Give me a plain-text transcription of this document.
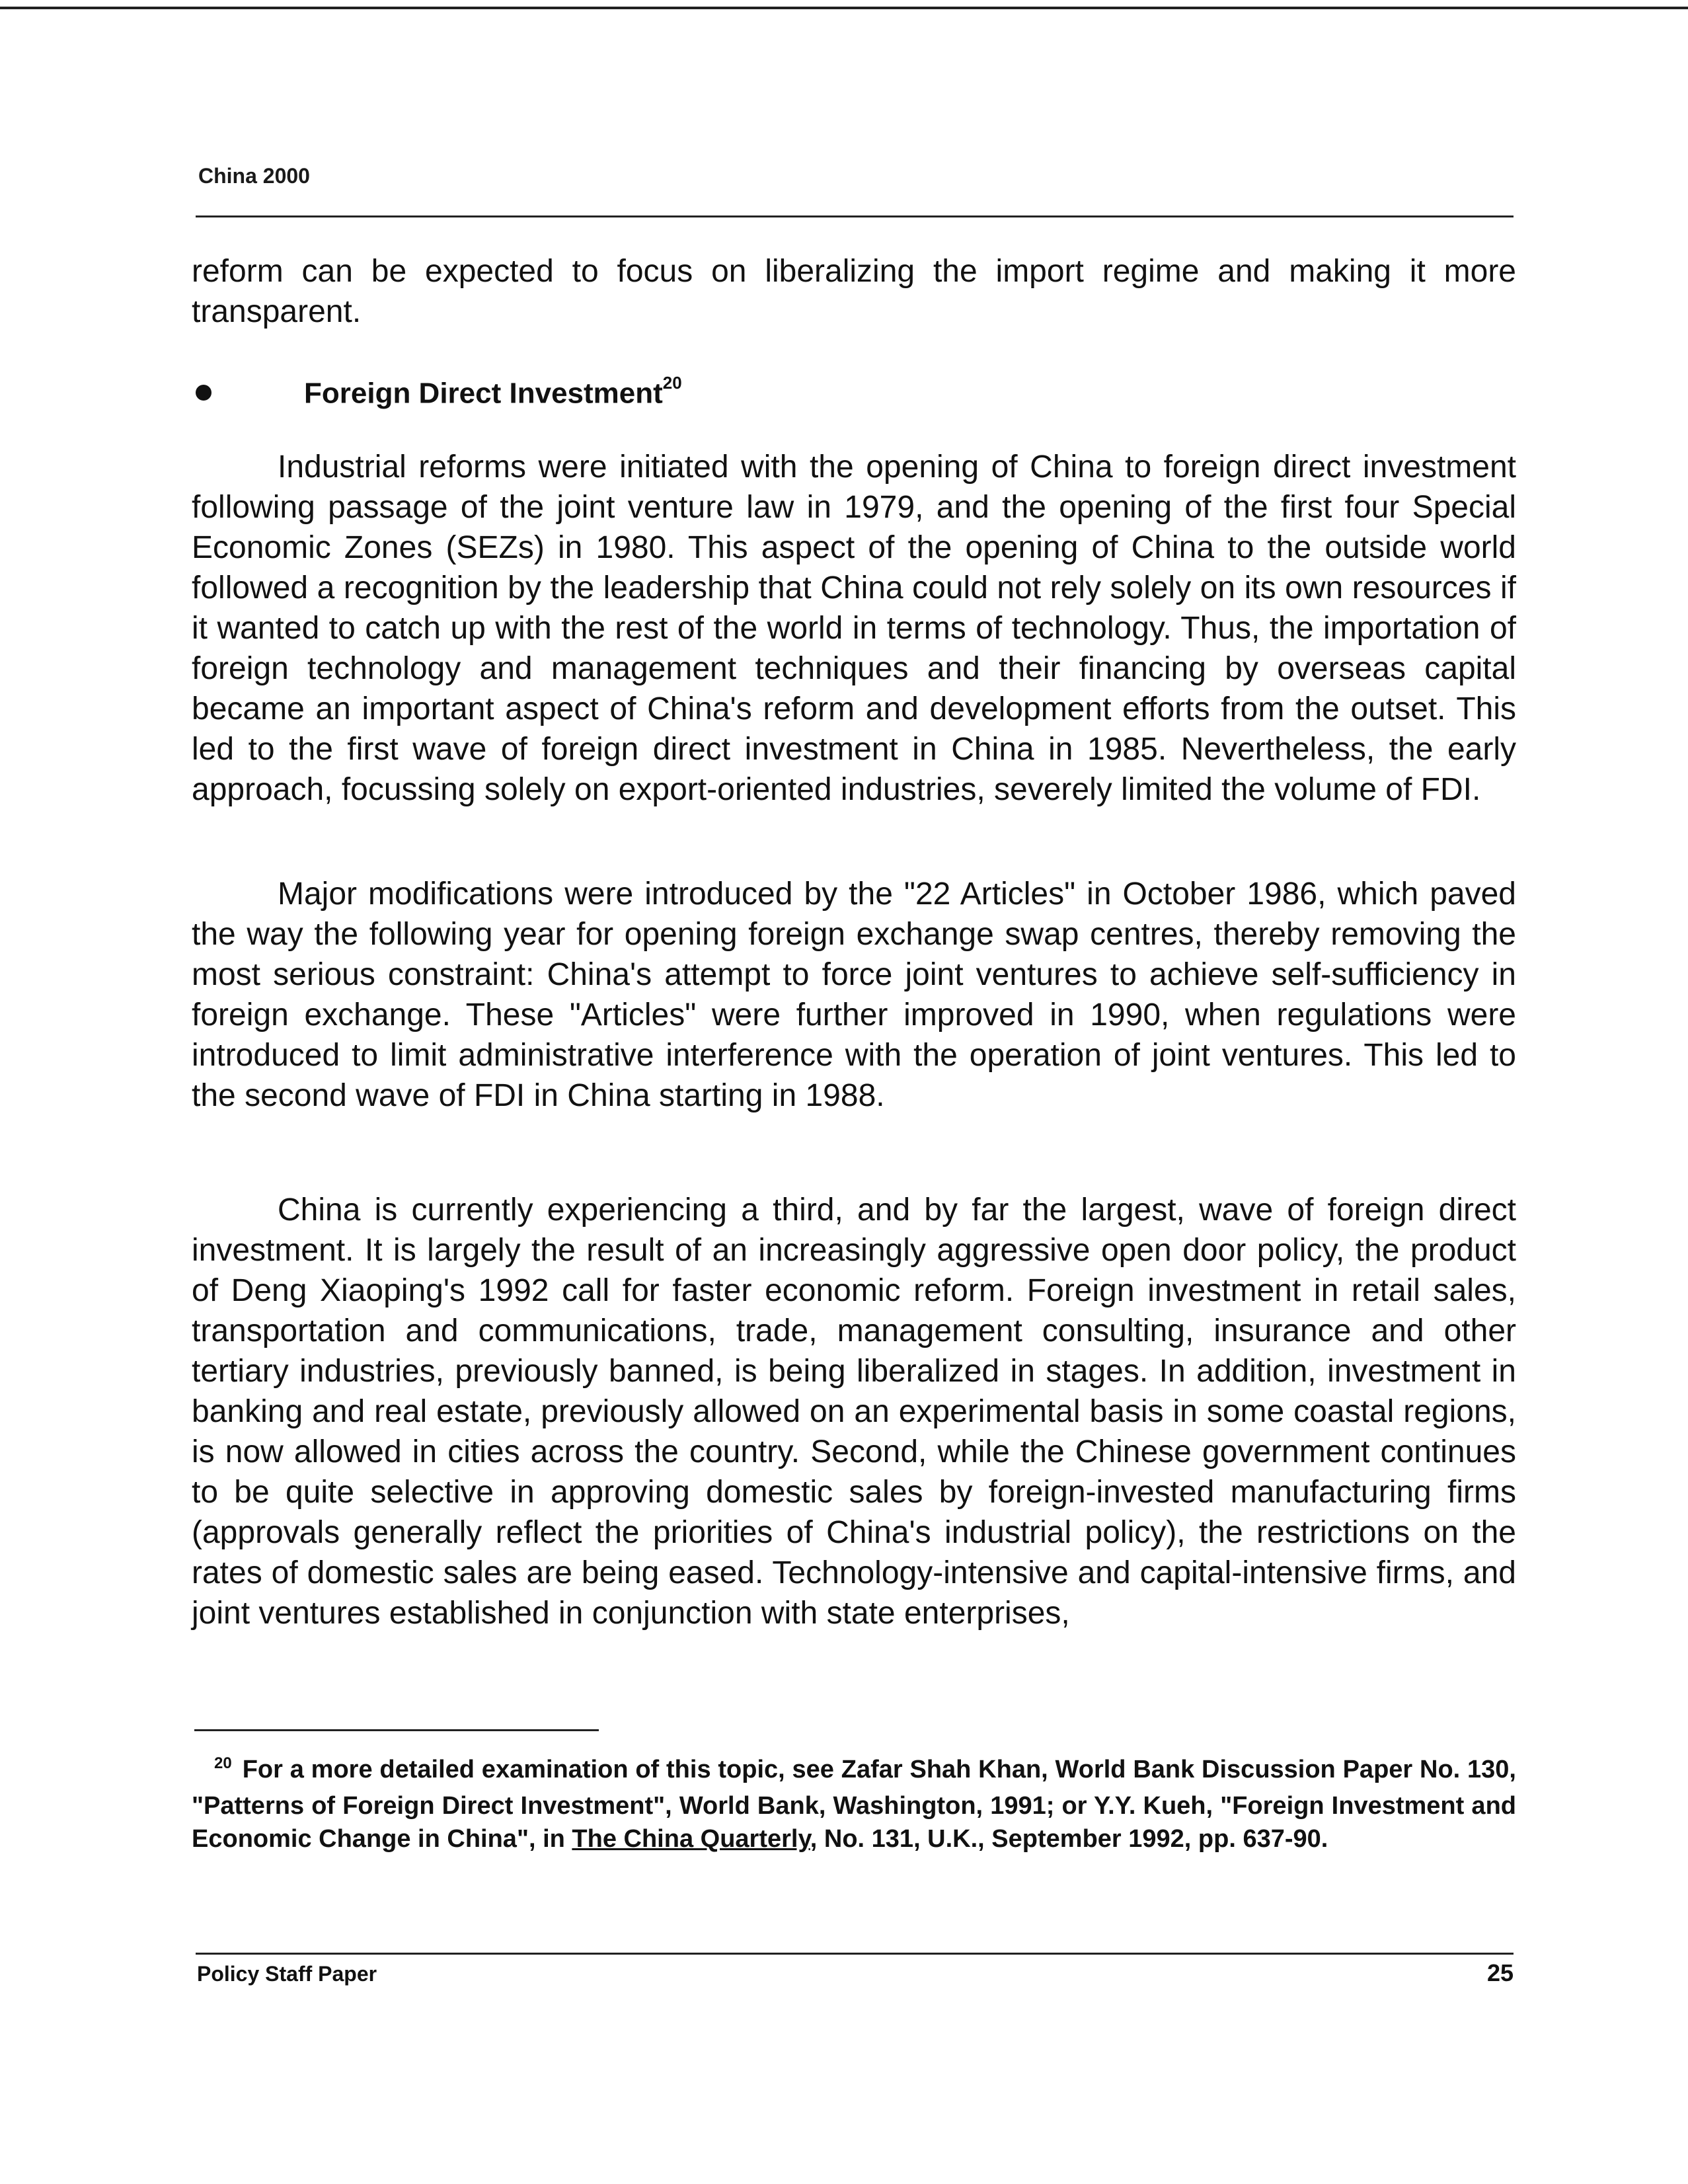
China 2000

reform can be expected to focus on liberalizing the import regime and making it more transparent.

Foreign Direct Investment$^{20}$

Industrial reforms were initiated with the opening of China to foreign direct investment following passage of the joint venture law in 1979, and the opening of the first four Special Economic Zones (SEZs) in 1980. This aspect of the opening of China to the outside world followed a recognition by the leadership that China could not rely solely on its own resources if it wanted to catch up with the rest of the world in terms of technology. Thus, the importation of foreign technology and management techniques and their financing by overseas capital became an important aspect of China's reform and development efforts from the outset. This led to the first wave of foreign direct investment in China in 1985. Nevertheless, the early approach, focussing solely on export-oriented industries, severely limited the volume of FDI.

Major modifications were introduced by the "22 Articles" in October 1986, which paved the way the following year for opening foreign exchange swap centres, thereby removing the most serious constraint: China's attempt to force joint ventures to achieve self-sufficiency in foreign exchange. These "Articles" were further improved in 1990, when regulations were introduced to limit administrative interference with the operation of joint ventures. This led to the second wave of FDI in China starting in 1988.

China is currently experiencing a third, and by far the largest, wave of foreign direct investment. It is largely the result of an increasingly aggressive open door policy, the product of Deng Xiaoping's 1992 call for faster economic reform. Foreign investment in retail sales, transportation and communications, trade, management consulting, insurance and other tertiary industries, previously banned, is being liberalized in stages. In addition, investment in banking and real estate, previously allowed on an experimental basis in some coastal regions, is now allowed in cities across the country. Second, while the Chinese government continues to be quite selective in approving domestic sales by foreign-invested manufacturing firms (approvals generally reflect the priorities of China's industrial policy), the restrictions on the rates of domestic sales are being eased. Technology-intensive and capital-intensive firms, and joint ventures established in conjunction with state enterprises,

$^{20}$ For a more detailed examination of this topic, see Zafar Shah Khan, World Bank Discussion Paper No. 130, "Patterns of Foreign Direct Investment", World Bank, Washington, 1991; or Y.Y. Kueh, "Foreign Investment and Economic Change in China", in The China Quarterly, No. 131, U.K., September 1992, pp. 637-90.

Policy Staff Paper	25
